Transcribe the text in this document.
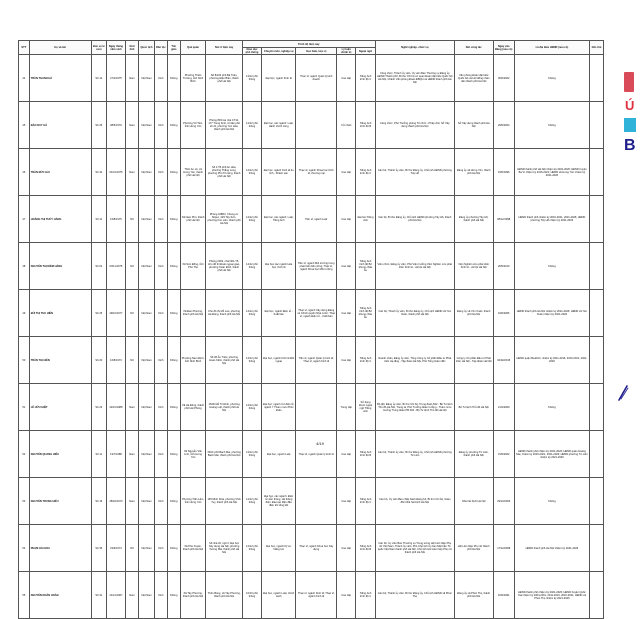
STT	Họ và tên	Bốn số lẻ cuối	Ngày tháng năm sinh	Giới tính	Quốc tịch	Dân tộc	Tôn giáo	Quê quán	Nơi ở hiện nay	Trình độ hiện nay					Nghề nghiệp, chức vụ	Nơi công tác	Ngày vào Đảng (nếu có)	Là đại biểu HĐND (nếu có)	Ghi chú
										Giáo dục phổ thông	Chuyên môn, nghiệp vụ	Học hàm, Học vị	Lý luận chính trị	Ngoại ngữ					
44	TRẦN THANH HÀ	Số 14	27/4/1975	Nam	Việt Nam	Kinh	Không	Phường Thiên Trường, tỉnh Ninh Bình	Số 84/22 phố Bà Triệu, phường Điện Biên, thành phố Hà Nội	12/12 phổ thông	Đại học, ngành Kinh tế	Thạc sĩ, ngành Quản lý kinh doanh	Cao cấp	Tiếng Anh trình độ C	Công chức, Thành ủy viên, Ủy viên Ban Thường vụ Đảng ủy HĐND Thành phố, Bí thư Chi bộ cơ quan Đoàn đại biểu Quốc hội Hà Nội, Chánh Văn phòng Đoàn ĐBQH và HĐND thành phố Hà Nội	Văn phòng Đoàn đại biểu Quốc hội và Hội đồng nhân dân thành phố Hà Nội	30/6/2002	Không	
45	ĐÀO DUY HÀ	Số 25	08/5/1979	Nam	Việt Nam	Kinh	Không	Phường Vũ Tiên, tỉnh Hưng Yên	Phòng 803 tòa nhà CT1b, 177 Trung Kính, tổ dân phố số 21, phường Yên Hòa, thành phố Hà Nội	12/12 phổ thông	Đại học, các ngành: Luật, Hành chính công		Cử nhân	Tiếng Anh trình độ B	Công chức, Phó Trưởng phòng Tổ chức - Pháp chế, Sở Xây dựng thành phố Hà Nội	Sở Xây dựng thành phố Hà Nội	29/5/2004	Không	
46	TRẦN ĐỨC HẢI	Số 32	01/01/1975	Nam	Việt Nam	Kinh	Không	Thôn An Lộ, xã Hưng Yên, thành phố Hà Nội	Số 17 B phố An Hòa, phường Thắng Long, phường Phú Thượng, thành phố Hà Nội	12/12 phổ thông	Đại học, ngành Kinh tế du lịch - Khách sạn	Thạc sĩ, ngành Khoa học Kinh tế, thương mại	Cao cấp	Tiếng Anh trình độ C	Cán bộ, Thành ủy viên, Bí thư Đảng ủy, Chủ tịch HĐND phường Tây Hồ	Đảng ủy xã Hưng Yên, thành phố Hà Nội	19/5/1996	HĐND thành phố Hà Nội nhiệm kỳ 2021-2026; HĐND huyện Ba Vì nhiệm kỳ 2016-2021; HĐND xã Hưng Yên nhiệm kỳ 2021-2026	
47	HOÀNG THỊ THÚY HẰNG	Số 11	16/8/1975	Nữ	Việt Nam	Kinh	Không	Xã Nam Phù, thành phố Hà Nội	Phòng 42B03, Chung cư Mipec, 229 Tây Sơn, phường Kim Liên, thành phố Hà Nội	12/12 phổ thông	Đại học, các ngành: Luật, Tiếng Anh	Tiến sĩ, ngành Luật	Cao cấp	Đại học Tiếng Anh	Cán bộ, Bí thư Đảng ủy, Chủ tịch HĐND phường Tây Hồ, thành phố Hà Nội	Đảng ủy phường Tây Hồ, thành phố Hà Nội	08/12/1998	HĐND thành phố nhiệm kỳ 2016-2021, 2021-2026; HĐND phường Tây Hồ nhiệm kỳ 2021-2026	
48	NGUYỄN THỊ DIỄM HẰNG	Số 02	03/11/1975	Nữ	Việt Nam	Kinh	Không	Xã Sơn Đồng, tỉnh Phú Thọ	Phòng 2002, nhà N01-T5, khu đô thị Đoàn ngoại giao, phường Xuân Đỉnh, thành phố Hà Nội	12/12 phổ thông	Đại học các ngành Hóa học, Kinh tế	Tiến sĩ, ngành Môi trường trong phát triển bền vững; Thạc sĩ, ngành Khoa học Môi trường	Cao cấp	Tiếng Anh trình độ B2 khung châu Âu	Viên chức, Đảng ủy viên, Phó Viện trưởng Viện Nghiên cứu phát triển Kinh tế - xã hội Hà Nội	Viện Nghiên cứu phát triển Kinh tế - xã hội Hà Nội	26/5/2010	Không	
49	BÙI THỊ THU HIỀN	Số 25	29/10/1977	Nữ	Việt Nam	Kinh	Không	Xã Đan Phượng, thành phố Hà Nội	Khu đô thị Mỗ Lao, phường Hà Đông, thành phố Hà Nội	12/12 phổ thông	Đại học, ngành Điện tử - Xuất bản	Thạc sĩ, ngành Xây dựng Đảng và Chính quyền Nhà nước; Thạc sĩ, ngành Điện tử - Xuất bản	Cao cấp	Tiếng Anh trình độ B2 khung châu Âu	Cán bộ, Thành ủy viên, Bí thư Đảng ủy, Chủ tịch HĐND xã Yên Xuân, thành phố Hà Nội	Đảng ủy xã Yên Xuân, thành phố Hà Nội	19/6/2006	HĐND thành phố Hà Nội nhiệm kỳ 2021-2026; HĐND xã Yên Xuân nhiệm kỳ 2021-2026	
50	TRẦN THỊ HIỀN	Số 20	16/8/1973	Nữ	Việt Nam	Kinh	Không	Phường Nam Định, tỉnh Ninh Bình	Số 28 Âu Triệu, phường Hoàn Kiếm, thành phố Hà Nội	12/12 phổ thông	Đại học, ngành Kinh tế Đối ngoại	Tiến sĩ, ngành Quản lý kinh tế; Thạc sĩ, ngành Kinh tế	Cao cấp	Tiếng Anh trình độ C	Doanh nhân, Đảng ủy viên, Tổng Công ty Cổ phần Đầu tư Phát triển Hạ tầng - Tập đoàn Hà Nội, Phó Tổng Giám đốc	Công ty Cổ phần Đầu tư Phát triển Hà Nội - Tập đoàn Hà Nội	02/02/2015	HĐND quận Ba Đình, nhiệm kỳ 2011-2016, 2016-2021, 2021-2026	
51	LÊ HỮU HIỆP	Số 23	22/10/1988	Nam	Việt Nam	Kinh	Không	Xã Hà Đông, thành phố Hải Phòng	154D Mễ Trì Đình, phường Hoàng Liệt, thành phố Hà Nội	12/12 phổ thông	Đại học, ngành Cơ điện tử, ngành Y Tham mưu Phúc khảo		Trung cấp	Sử dụng được ngoại ngữ Tiếng Anh	Bộ đội, Đảng ủy viên, Bí thư Chi bộ, Trung đoàn 692 - Bộ Tư lệnh Thủ đô Hà Nội, Trung tá, Phó Trưởng đoàn trưởng - Tham mưu trưởng Trung đoàn PB 492 - Bộ Tư lệnh Thủ đô Hà Nội	Bộ Tư lệnh Thủ đô Hà Nội	21/4/2009	Không	
52	NGUYỄN QUANG HIẾU	Số 11	19/7/1988	Nam	Việt Nam	Kinh	Không	Xã Nguyễn Văn Linh, tỉnh Hưng Yên	394C phố Bạch Mai, phường Bạch Mai, thành phố Hà Nội	12/12 phổ thông	Đại học, ngành Luật	Thạc sĩ, ngành Quản lý kinh tế	Cao cấp	Tiếng Anh trình độ B	Cán bộ, Thành ủy viên, Bí thư Đảng ủy, Chủ tịch HĐND phường Tứ Liên	Đảng ủy phường Tứ Liên, thành phố Hà Nội	31/5/2002	HĐND thành phố nhiệm kỳ 2021-2026; HĐND quận Hoàng Mai, nhiệm kỳ 2016-2021, 2021-2026; HĐND phường Tứ Liên nhiệm kỳ 2021-2026	
53	NGUYỄN TRUNG HIẾU	Số 16	28/02/1973	Nam	Việt Nam	Kinh	Không	Phường Trần Lãm, tỉnh Hưng Yên	165 Minh Khai, phường Vĩnh Tuy, thành phố Hà Nội	12/12 phổ thông	Đại học, các ngành: Điện tử viễn thông, Hệ thống điện; Đào tạo điện đầu điện khí tổng kết		Cao cấp	Tiếng Anh trình độ C	Cán bộ, Ủy viên Ban chấp hành Đảng bộ, Bí thư Chi bộ, Giám đốc Nhà hát Kịch Hà Nội	Nhà hát Kịch Hà Nội	29/10/2003	Không	
54	PHẠM HẢI HOA	Số 35	23/9/1974	Nữ	Việt Nam	Kinh	Không	Xã Phú Xuyên, thành phố Hà Nội	Số nhà 32, ngõ 2, Đại học Xây dựng Hà Nội, phường Tương Mai, thành phố Hà Nội	12/12 phổ thông	Đại học, ngành Kỹ sư Năng lực	Thạc sĩ, ngành Khoa học Xây dựng	Cao cấp	Tiếng Anh trình độ B	Cán bộ, Ủy viên Ban Thường vụ Trung ương Hội Liên hiệp Phụ nữ Việt Nam, Thành ủy viên, Phó Chủ tịch Ủy ban Mặt trận Tổ quốc Việt Nam thành phố Hà Nội, Chủ tịch Hội Liên hiệp Phụ nữ thành phố Hà Nội	Hội Liên hiệp Phụ nữ thành phố Hà Nội	17/12/2008	HĐND thành phố Hà Nội nhiệm kỳ 2021-2026	
55	NGUYỄN DOÃN HOÀN	Số 31	21/12/1967	Nam	Việt Nam	Kinh	Không	Xã Tây Phương, thành phố Hà Nội	Thôn Bùng, xã Tây Phương, thành phố Hà Nội	10/10 phổ thông	Đại học, ngành Luật, chính sách	Thạc sĩ, ngành Kinh tế; Thạc sĩ, ngành Kinh tế	Cao cấp	Tiếng Anh trình độ C	Cán bộ, Thành ủy viên, Bí thư Đảng ủy, Chủ tịch HĐND xã Phúc Thọ	Đảng ủy xã Phúc Thọ, thành phố Hà Nội	10/9/1991	HĐND thành phố nhiệm kỳ 2021-2026; HĐND huyện Quốc Oai nhiệm kỳ 2004-2011, 2011-2016, 2016-2021; HĐND xã Phúc Thọ nhiệm kỳ 2021-2026	
4/19
Ú
B
